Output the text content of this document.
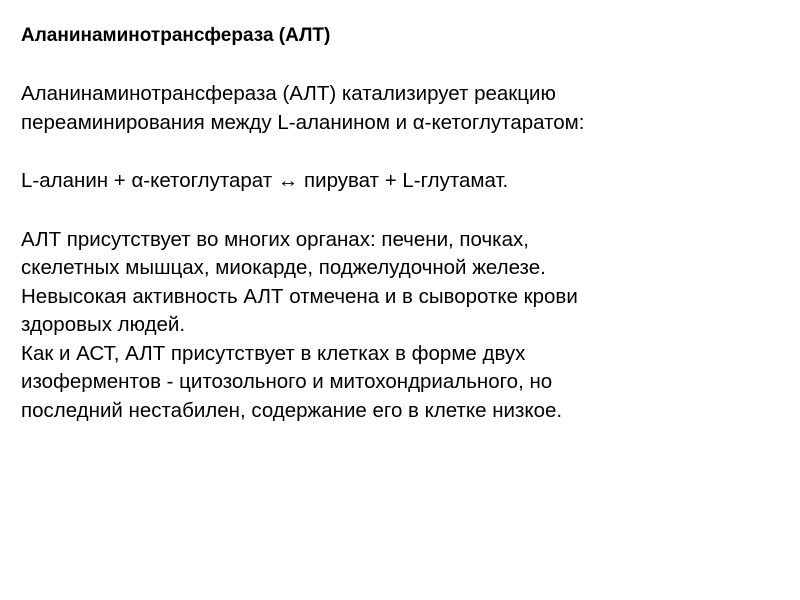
Аланинаминотрансфераза (АЛТ)

Аланинаминотрансфераза (АЛТ) катализирует реакцию

переаминирования между L-аланином и α-кетоглутаратом:

L-аланин + α-кетоглутарат ↔ пируват + L-глутамат.

АЛТ присутствует во многих органах: печени, почках,

скелетных мышцах, миокарде, поджелудочной железе.

Невысокая активность АЛТ отмечена и в сыворотке крови

здоровых людей.

Как и АСТ, АЛТ присутствует в клетках в форме двух

изоферментов - цитозольного и митохондриального, но

последний нестабилен, содержание его в клетке низкое.
